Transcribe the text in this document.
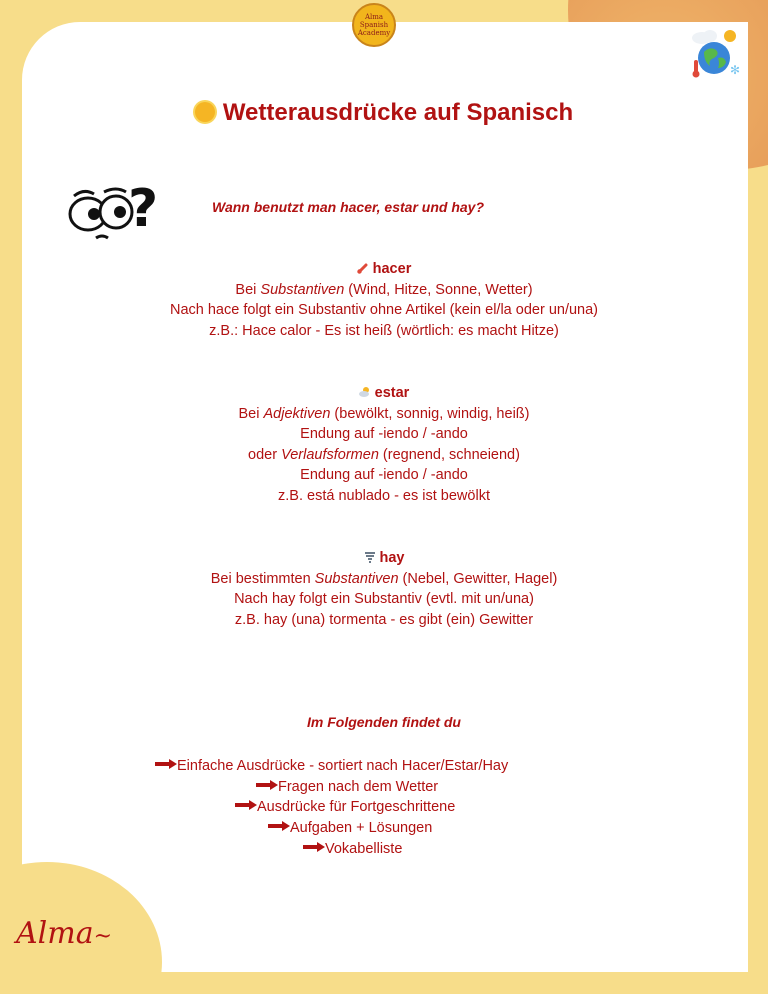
Alma Spanish Academy
✻
Wetterausdrücke auf Spanisch
?	Wann benutzt man hacer, estar und hay?
hacer
Bei Substantiven (Wind, Hitze, Sonne, Wetter)
Nach hace folgt ein Substantiv ohne Artikel (kein el/la oder un/una)
z.B.: Hace calor - Es ist heiß (wörtlich: es macht Hitze)
estar
Bei Adjektiven (bewölkt, sonnig, windig, heiß)
Endung auf -iendo / -ando
oder Verlaufsformen (regnend, schneiend)
Endung auf -iendo / -ando
z.B. está nublado - es ist bewölkt
hay
Bei bestimmten Substantiven (Nebel, Gewitter, Hagel)
Nach hay folgt ein Substantiv (evtl. mit un/una)
z.B. hay (una) tormenta - es gibt (ein) Gewitter
Im Folgenden findet du
Einfache Ausdrücke - sortiert nach Hacer/Estar/Hay
Fragen nach dem Wetter
Ausdrücke für Fortgeschrittene
Aufgaben + Lösungen
Vokabelliste
Alma~
